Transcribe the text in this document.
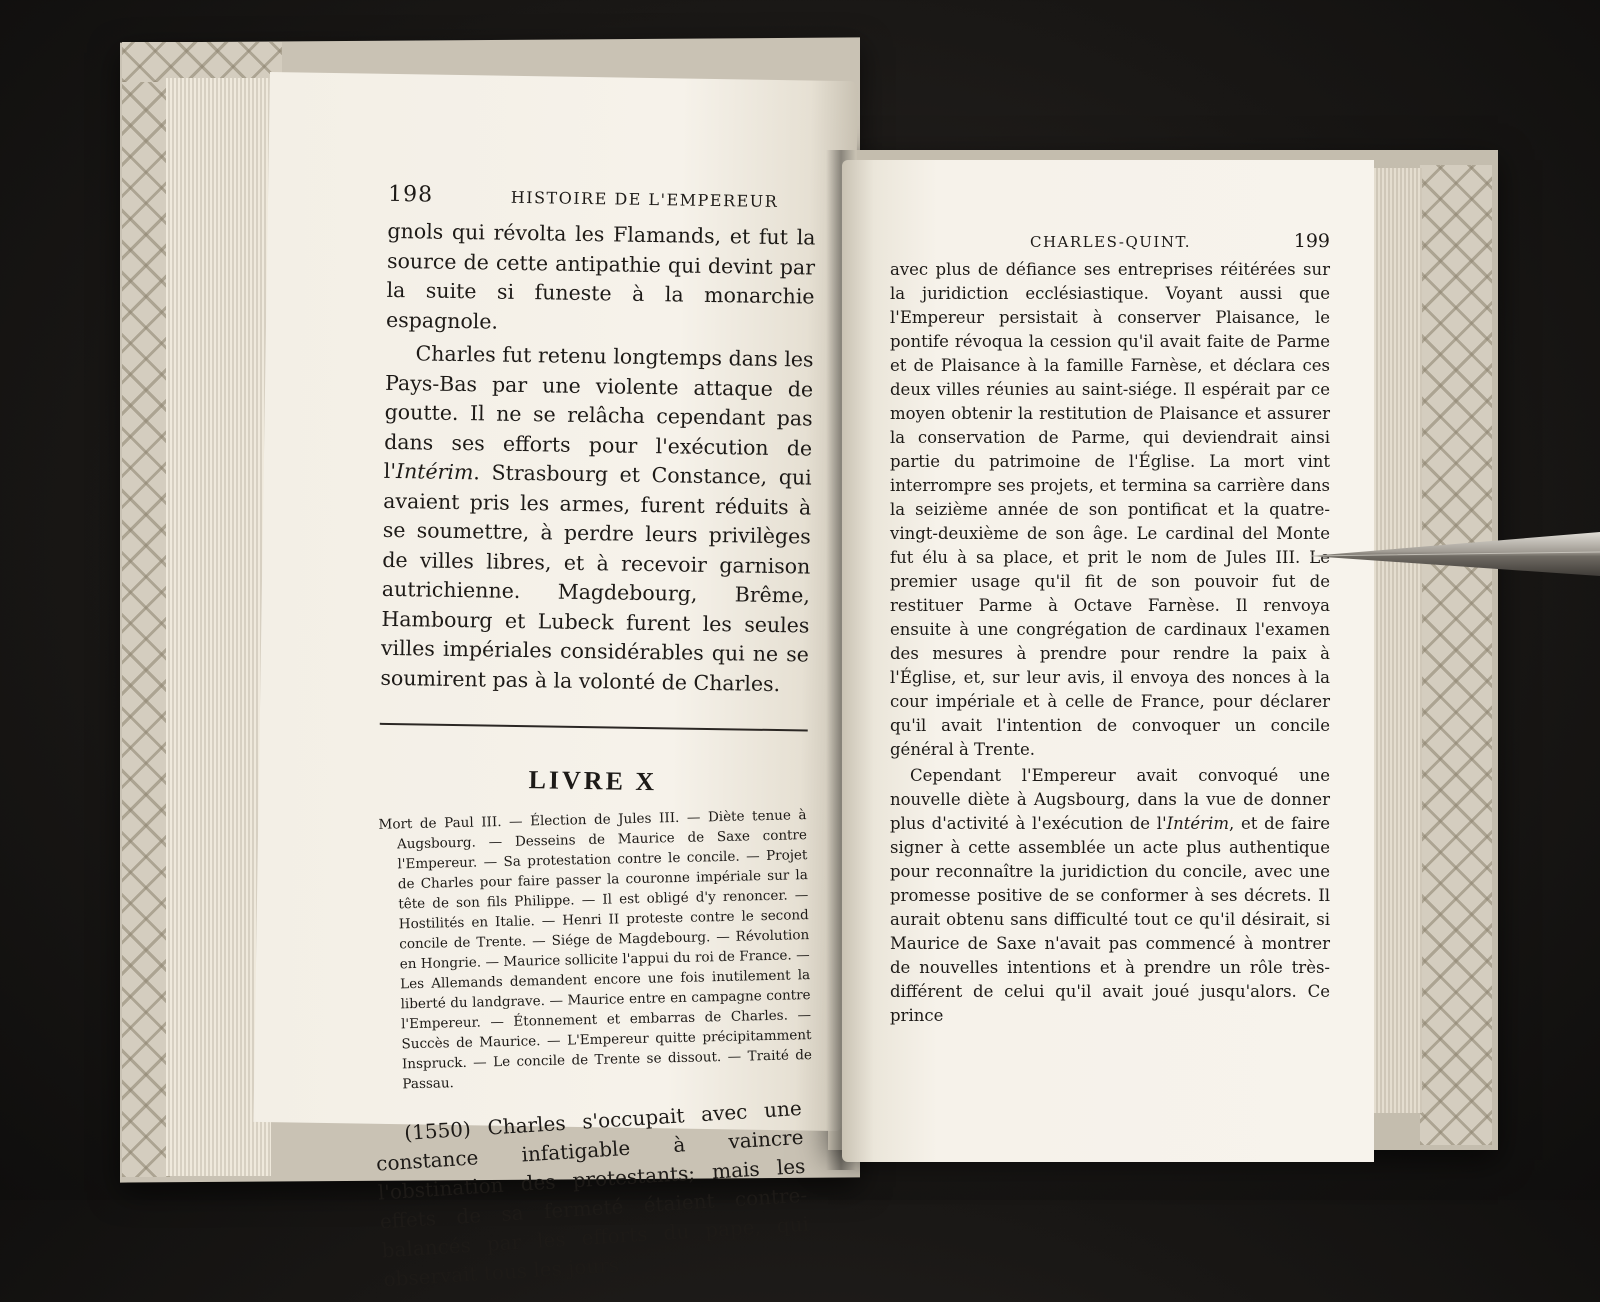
198	HISTOIRE DE L'EMPEREUR

gnols qui révolta les Flamands, et fut la source de cette antipathie qui devint par la suite si funeste à la monarchie espagnole.

Charles fut retenu longtemps dans les Pays-Bas par une violente attaque de goutte. Il ne se relâcha cependant pas dans ses efforts pour l'exécution de l'Intérim. Strasbourg et Constance, qui avaient pris les armes, furent réduits à se soumettre, à perdre leurs privilèges de villes libres, et à recevoir garnison autrichienne. Magdebourg, Brême, Hambourg et Lubeck furent les seules villes impériales considérables qui ne se soumirent pas à la volonté de Charles.

LIVRE X

Mort de Paul III. — Élection de Jules III. — Diète tenue à Augsbourg. — Desseins de Maurice de Saxe contre l'Empereur. — Sa protestation contre le concile. — Projet de Charles pour faire passer la couronne impériale sur la tête de son fils Philippe. — Il est obligé d'y renoncer. — Hostilités en Italie. — Henri II proteste contre le second concile de Trente. — Siége de Magdebourg. — Révolution en Hongrie. — Maurice sollicite l'appui du roi de France. — Les Allemands demandent encore une fois inutilement la liberté du landgrave. — Maurice entre en campagne contre l'Empereur. — Étonnement et embarras de Charles. — Succès de Maurice. — L'Empereur quitte précipitamment Inspruck. — Le concile de Trente se dissout. — Traité de Passau.

(1550) Charles s'occupait avec une constance infatigable à vaincre l'obstination des protestants; mais les effets de sa fermeté étaient contre-balancés par les efforts du pape, qui observait tous les jours

CHARLES-QUINT.	199

avec plus de défiance ses entreprises réitérées sur la juridiction ecclésiastique. Voyant aussi que l'Empereur persistait à conserver Plaisance, le pontife révoqua la cession qu'il avait faite de Parme et de Plaisance à la famille Farnèse, et déclara ces deux villes réunies au saint-siége. Il espérait par ce moyen obtenir la restitution de Plaisance et assurer la conservation de Parme, qui deviendrait ainsi partie du patrimoine de l'Église. La mort vint interrompre ses projets, et termina sa carrière dans la seizième année de son pontificat et la quatre-vingt-deuxième de son âge. Le cardinal del Monte fut élu à sa place, et prit le nom de Jules III. Le premier usage qu'il fit de son pouvoir fut de restituer Parme à Octave Farnèse. Il renvoya ensuite à une congrégation de cardinaux l'examen des mesures à prendre pour rendre la paix à l'Église, et, sur leur avis, il envoya des nonces à la cour impériale et à celle de France, pour déclarer qu'il avait l'intention de convoquer un concile général à Trente.

Cependant l'Empereur avait convoqué une nouvelle diète à Augsbourg, dans la vue de donner plus d'activité à l'exécution de l'Intérim, et de faire signer à cette assemblée un acte plus authentique pour reconnaître la juridiction du concile, avec une promesse positive de se conformer à ses décrets. Il aurait obtenu sans difficulté tout ce qu'il désirait, si Maurice de Saxe n'avait pas commencé à montrer de nouvelles intentions et à prendre un rôle très-différent de celui qu'il avait joué jusqu'alors. Ce prince
